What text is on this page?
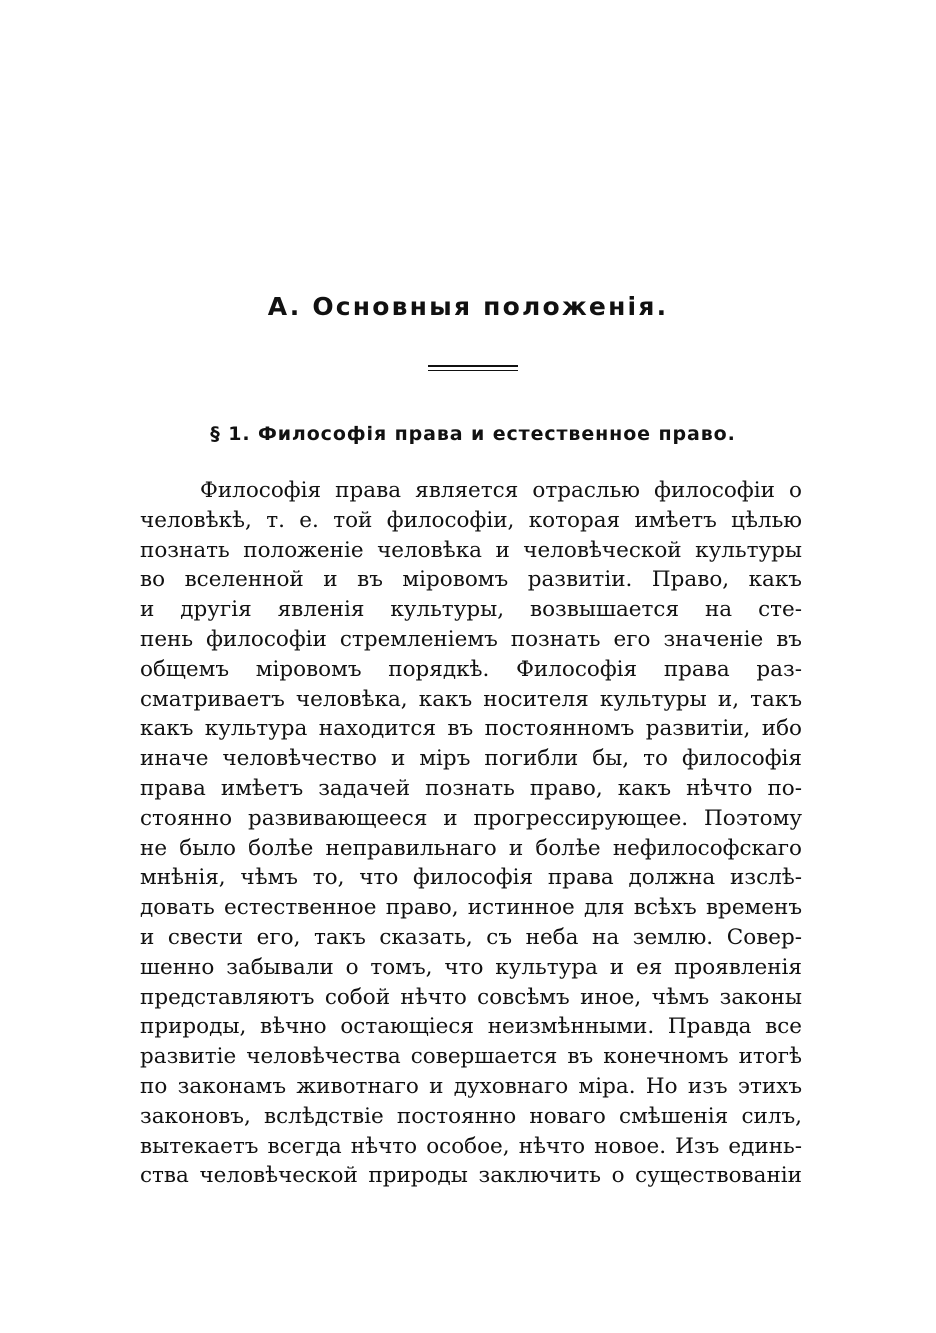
A. Основныя положенія.
§ 1. Философія права и естественное право.
Философія права является отраслью философіи о
человѣкѣ, т. е. той философіи, которая имѣетъ цѣлью
познать положеніе человѣка и человѣческой культуры
во вселенной и въ міровомъ развитіи. Право, какъ
и другія явленія культуры, возвышается на сте-
пень философіи стремленіемъ познать его значеніе въ
общемъ міровомъ порядкѣ. Философія права раз-
сматриваетъ человѣка, какъ носителя культуры и, такъ
какъ культура находится въ постоянномъ развитіи, ибо
иначе человѣчество и міръ погибли бы, то философія
права имѣетъ задачей познать право, какъ нѣчто по-
стоянно развивающееся и прогрессирующее. Поэтому
не было болѣе неправильнаго и болѣе нефилософскаго
мнѣнія, чѣмъ то, что философія права должна изслѣ-
довать естественное право, истинное для всѣхъ временъ
и свести его, такъ сказать, съ неба на землю. Совер-
шенно забывали о томъ, что культура и ея проявленія
представляютъ собой нѣчто совсѣмъ иное, чѣмъ законы
природы, вѣчно остающіеся неизмѣнными. Правда все
развитіе человѣчества совершается въ конечномъ итогѣ
по законамъ животнаго и духовнаго міра. Но изъ этихъ
законовъ, вслѣдствіе постоянно новаго смѣшенія силъ,
вытекаетъ всегда нѣчто особое, нѣчто новое. Изъ единь-
ства человѣческой природы заключить о существованіи
